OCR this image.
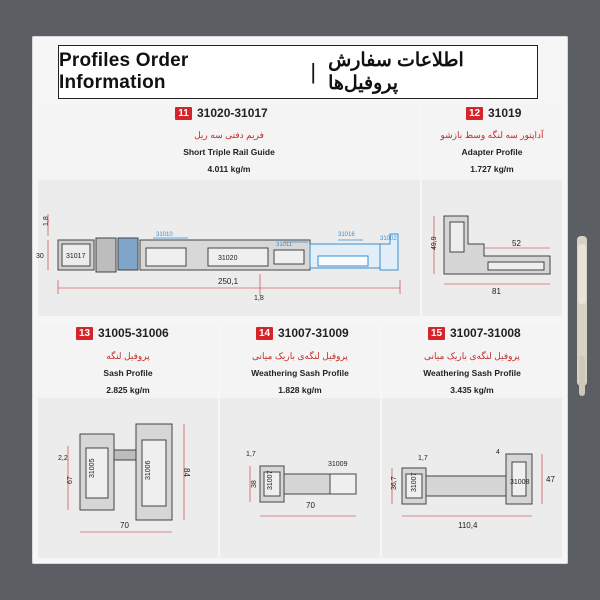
Profiles Order Information	| اطلاعات سفارش پروفیل‌ها
11 31020-31017
فریم دفتی سه ریل
Short Triple Rail Guide
4.011 kg/m
12 31019
آداپتور سه لنگه وسط بازشو
Adapter Profile
1.727 kg/m
13 31005-31006
پروفیل لنگه
Sash Profile
2.825 kg/m
14 31007-31009
پروفیل لنگه‌ی باریک میانی
Weathering Sash Profile
1.828 kg/m
15 31007-31008
پروفیل لنگه‌ی باریک میانی
Weathering Sash Profile
3.435 kg/m
1,8
30
250,1
1,8
31017	31020
31010
31011
31016
31002	49,9	52
81
2,2
67
84
70
31005	31006
1,7
38
70
31007
31009
1,7
36,7
4
47
110,4
31007	31008
